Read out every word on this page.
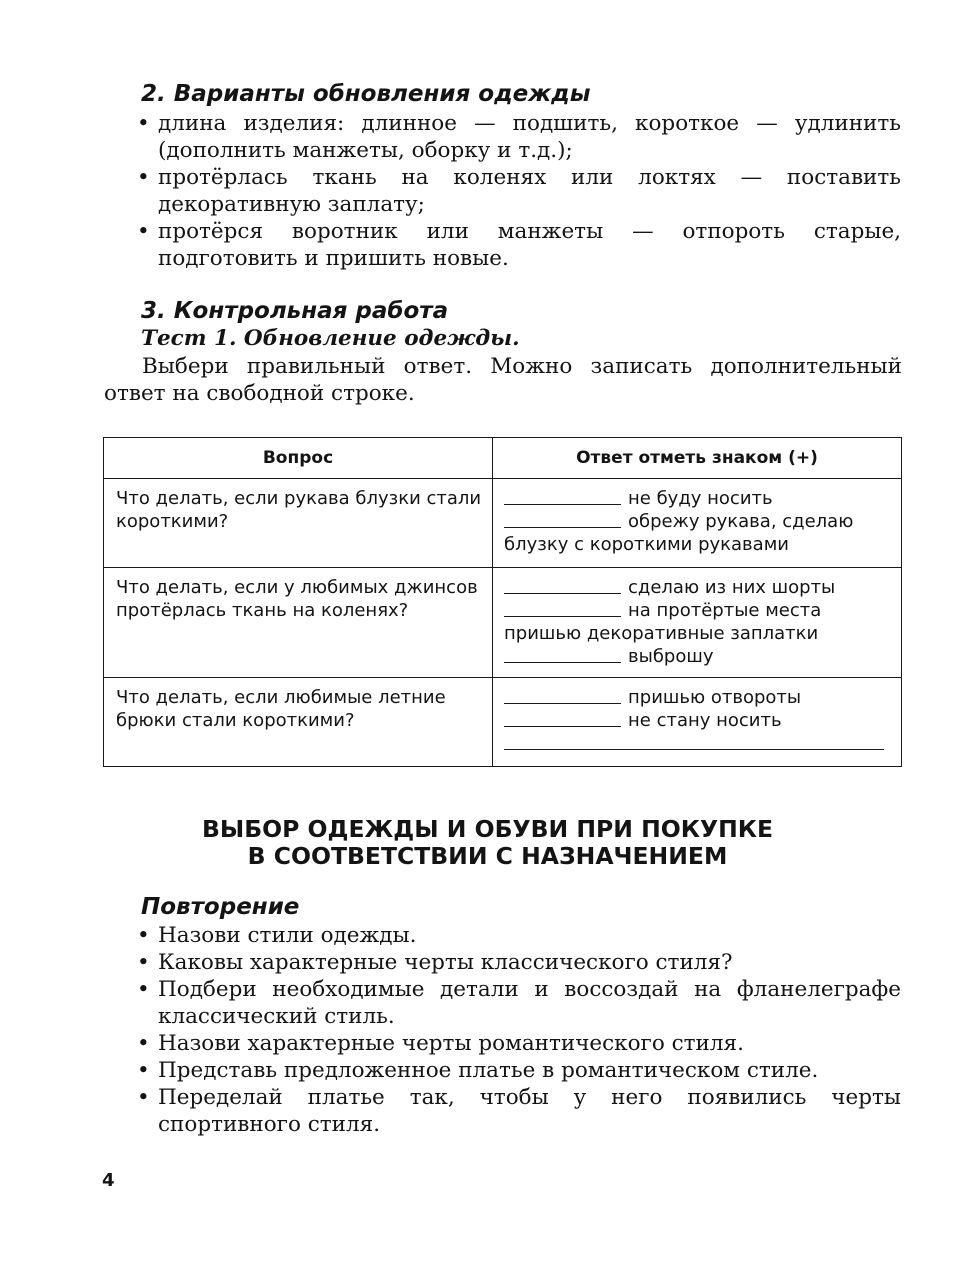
2. Варианты обновления одежды
• длина изделия: длинное — подшить, короткое — удлинить (дополнить манжеты, оборку и т.д.);
• протёрлась ткань на коленях или локтях — поставить декоративную заплату;
• протёрся воротник или манжеты — отпороть старые, подготовить и пришить новые.
3. Контрольная работа
Тест 1. Обновление одежды.

Выбери правильный ответ. Можно записать дополнительный ответ на свободной строке.

Вопрос	Ответ отметь знаком (+)
Что делать, если рукава блузки стали короткими?	не буду носить
обрежу рукава, сделаю
блузку с короткими рукавами

Что делать, если у любимых джинсов протёрлась ткань на коленях?	сделаю из них шорты
на протёртые места
пришью декоративные заплатки
выброшу

Что делать, если любимые летние брюки стали короткими?	пришью отвороты
не стану носить
ВЫБОР ОДЕЖДЫ И ОБУВИ ПРИ ПОКУПКЕ
В СООТВЕТСТВИИ С НАЗНАЧЕНИЕМ
Повторение
• Назови стили одежды.
• Каковы характерные черты классического стиля?
• Подбери необходимые детали и воссоздай на фланелеграфе классический стиль.
• Назови характерные черты романтического стиля.
• Представь предложенное платье в романтическом стиле.
• Переделай платье так, чтобы у него появились черты спортивного стиля.
4
